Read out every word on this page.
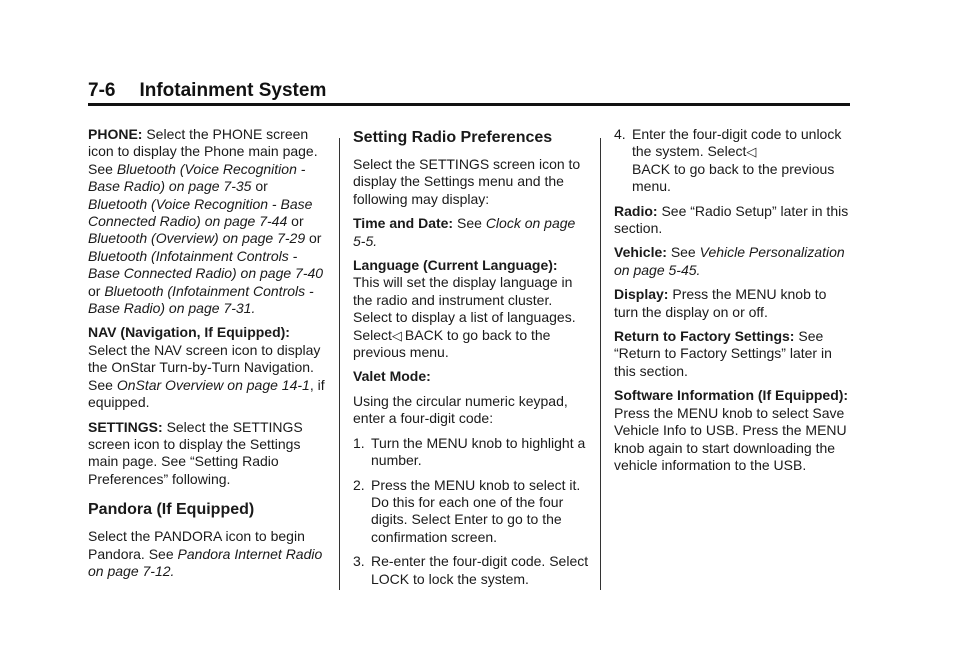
7-6 Infotainment System

PHONE: Select the PHONE screen icon to display the Phone main page. See Bluetooth (Voice Recognition - Base Radio) on page 7-35 or Bluetooth (Voice Recognition - Base Connected Radio) on page 7-44 or Bluetooth (Overview) on page 7-29 or Bluetooth (Infotainment Controls - Base Connected Radio) on page 7-40 or Bluetooth (Infotainment Controls - Base Radio) on page 7-31.

NAV (Navigation, If Equipped): Select the NAV screen icon to display the OnStar Turn-by-Turn Navigation. See OnStar Overview on page 14-1, if equipped.

SETTINGS: Select the SETTINGS screen icon to display the Settings main page. See “Setting Radio Preferences” following.

Pandora (If Equipped)

Select the PANDORA icon to begin Pandora. See Pandora Internet Radio on page 7-12.

Setting Radio Preferences

Select the SETTINGS screen icon to display the Settings menu and the following may display:

Time and Date: See Clock on page 5-5.

Language (Current Language):
This will set the display language in the radio and instrument cluster. Select to display a list of languages.
Select◁ BACK to go back to the previous menu.

Valet Mode:

Using the circular numeric keypad, enter a four-digit code:

1. Turn the MENU knob to highlight a number.
2. Press the MENU knob to select it. Do this for each one of the four digits. Select Enter to go to the confirmation screen.
3. Re-enter the four-digit code. Select LOCK to lock the system.
4. Enter the four-digit code to unlock the system. Select◁
BACK to go back to the previous menu.

Radio: See “Radio Setup” later in this section.

Vehicle: See Vehicle Personalization on page 5-45.

Display: Press the MENU knob to turn the display on or off.

Return to Factory Settings: See “Return to Factory Settings” later in this section.

Software Information (If Equipped): Press the MENU knob to select Save Vehicle Info to USB. Press the MENU knob again to start downloading the vehicle information to the USB.
